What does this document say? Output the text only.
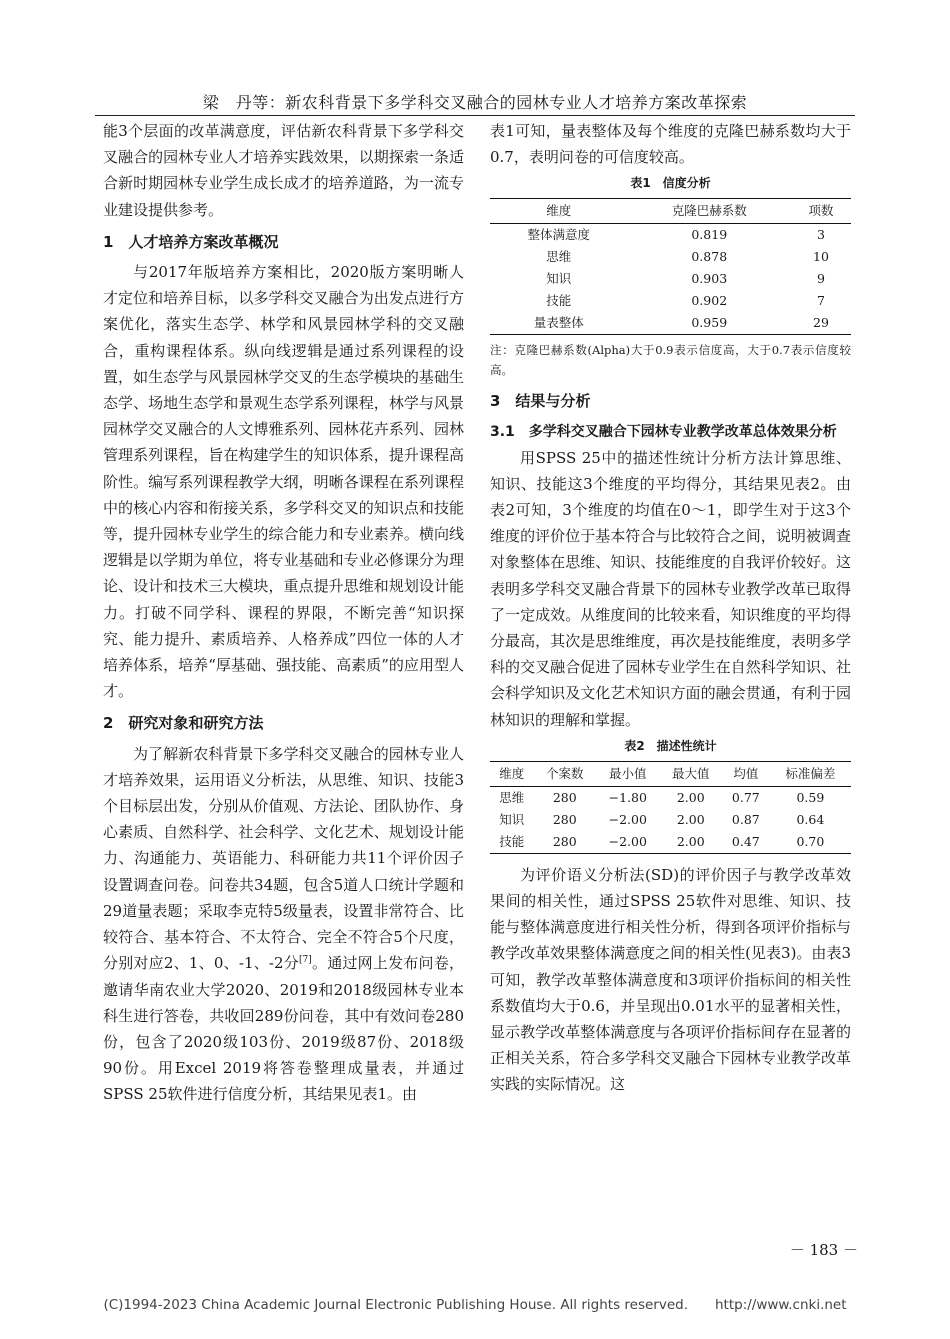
梁　丹等：新农科背景下多学科交叉融合的园林专业人才培养方案改革探索

能3个层面的改革满意度，评估新农科背景下多学科交叉融合的园林专业人才培养实践效果，以期探索一条适合新时期园林专业学生成长成才的培养道路，为一流专业建设提供参考。

1　人才培养方案改革概况

与2017年版培养方案相比，2020版方案明晰人才定位和培养目标，以多学科交叉融合为出发点进行方案优化，落实生态学、林学和风景园林学科的交叉融合，重构课程体系。纵向线逻辑是通过系列课程的设置，如生态学与风景园林学交叉的生态学模块的基础生态学、场地生态学和景观生态学系列课程，林学与风景园林学交叉融合的人文博雅系列、园林花卉系列、园林管理系列课程，旨在构建学生的知识体系，提升课程高阶性。编写系列课程教学大纲，明晰各课程在系列课程中的核心内容和衔接关系，多学科交叉的知识点和技能等，提升园林专业学生的综合能力和专业素养。横向线逻辑是以学期为单位，将专业基础和专业必修课分为理论、设计和技术三大模块，重点提升思维和规划设计能力。打破不同学科、课程的界限，不断完善“知识探究、能力提升、素质培养、人格养成”四位一体的人才培养体系，培养“厚基础、强技能、高素质”的应用型人才。

2　研究对象和研究方法

为了解新农科背景下多学科交叉融合的园林专业人才培养效果，运用语义分析法，从思维、知识、技能3个目标层出发，分别从价值观、方法论、团队协作、身心素质、自然科学、社会科学、文化艺术、规划设计能力、沟通能力、英语能力、科研能力共11个评价因子设置调查问卷。问卷共34题，包含5道人口统计学题和29道量表题；采取李克特5级量表，设置非常符合、比较符合、基本符合、不太符合、完全不符合5个尺度，分别对应2、1、0、-1、-2分[7]。通过网上发布问卷，邀请华南农业大学2020、2019和2018级园林专业本科生进行答卷，共收回289份问卷，其中有效问卷280份，包含了2020级103份、2019级87份、2018级90份。用Excel 2019将答卷整理成量表，并通过SPSS 25软件进行信度分析，其结果见表1。由

表1可知，量表整体及每个维度的克隆巴赫系数均大于0.7，表明问卷的可信度较高。

表1　信度分析

维度	克隆巴赫系数	项数
整体满意度	0.819	3
思维	0.878	10
知识	0.903	9
技能	0.902	7
量表整体	0.959	29

注：克隆巴赫系数(Alpha)大于0.9表示信度高，大于0.7表示信度较高。

3　结果与分析

3.1　多学科交叉融合下园林专业教学改革总体效果分析

用SPSS 25中的描述性统计分析方法计算思维、知识、技能这3个维度的平均得分，其结果见表2。由表2可知，3个维度的均值在0～1，即学生对于这3个维度的评价位于基本符合与比较符合之间，说明被调查对象整体在思维、知识、技能维度的自我评价较好。这表明多学科交叉融合背景下的园林专业教学改革已取得了一定成效。从维度间的比较来看，知识维度的平均得分最高，其次是思维维度，再次是技能维度，表明多学科的交叉融合促进了园林专业学生在自然科学知识、社会科学知识及文化艺术知识方面的融会贯通，有利于园林知识的理解和掌握。

表2　描述性统计

维度	个案数	最小值	最大值	均值	标准偏差
思维	280	−1.80	2.00	0.77	0.59
知识	280	−2.00	2.00	0.87	0.64
技能	280	−2.00	2.00	0.47	0.70

为评价语义分析法(SD)的评价因子与教学改革效果间的相关性，通过SPSS 25软件对思维、知识、技能与整体满意度进行相关性分析，得到各项评价指标与教学改革效果整体满意度之间的相关性(见表3)。由表3可知，教学改革整体满意度和3项评价指标间的相关性系数值均大于0.6，并呈现出0.01水平的显著相关性，显示教学改革整体满意度与各项评价指标间存在显著的正相关关系，符合多学科交叉融合下园林专业教学改革实践的实际情况。这

－ 183 －
(C)1994-2023 China Academic Journal Electronic Publishing House. All rights reserved.　　http://www.cnki.net
